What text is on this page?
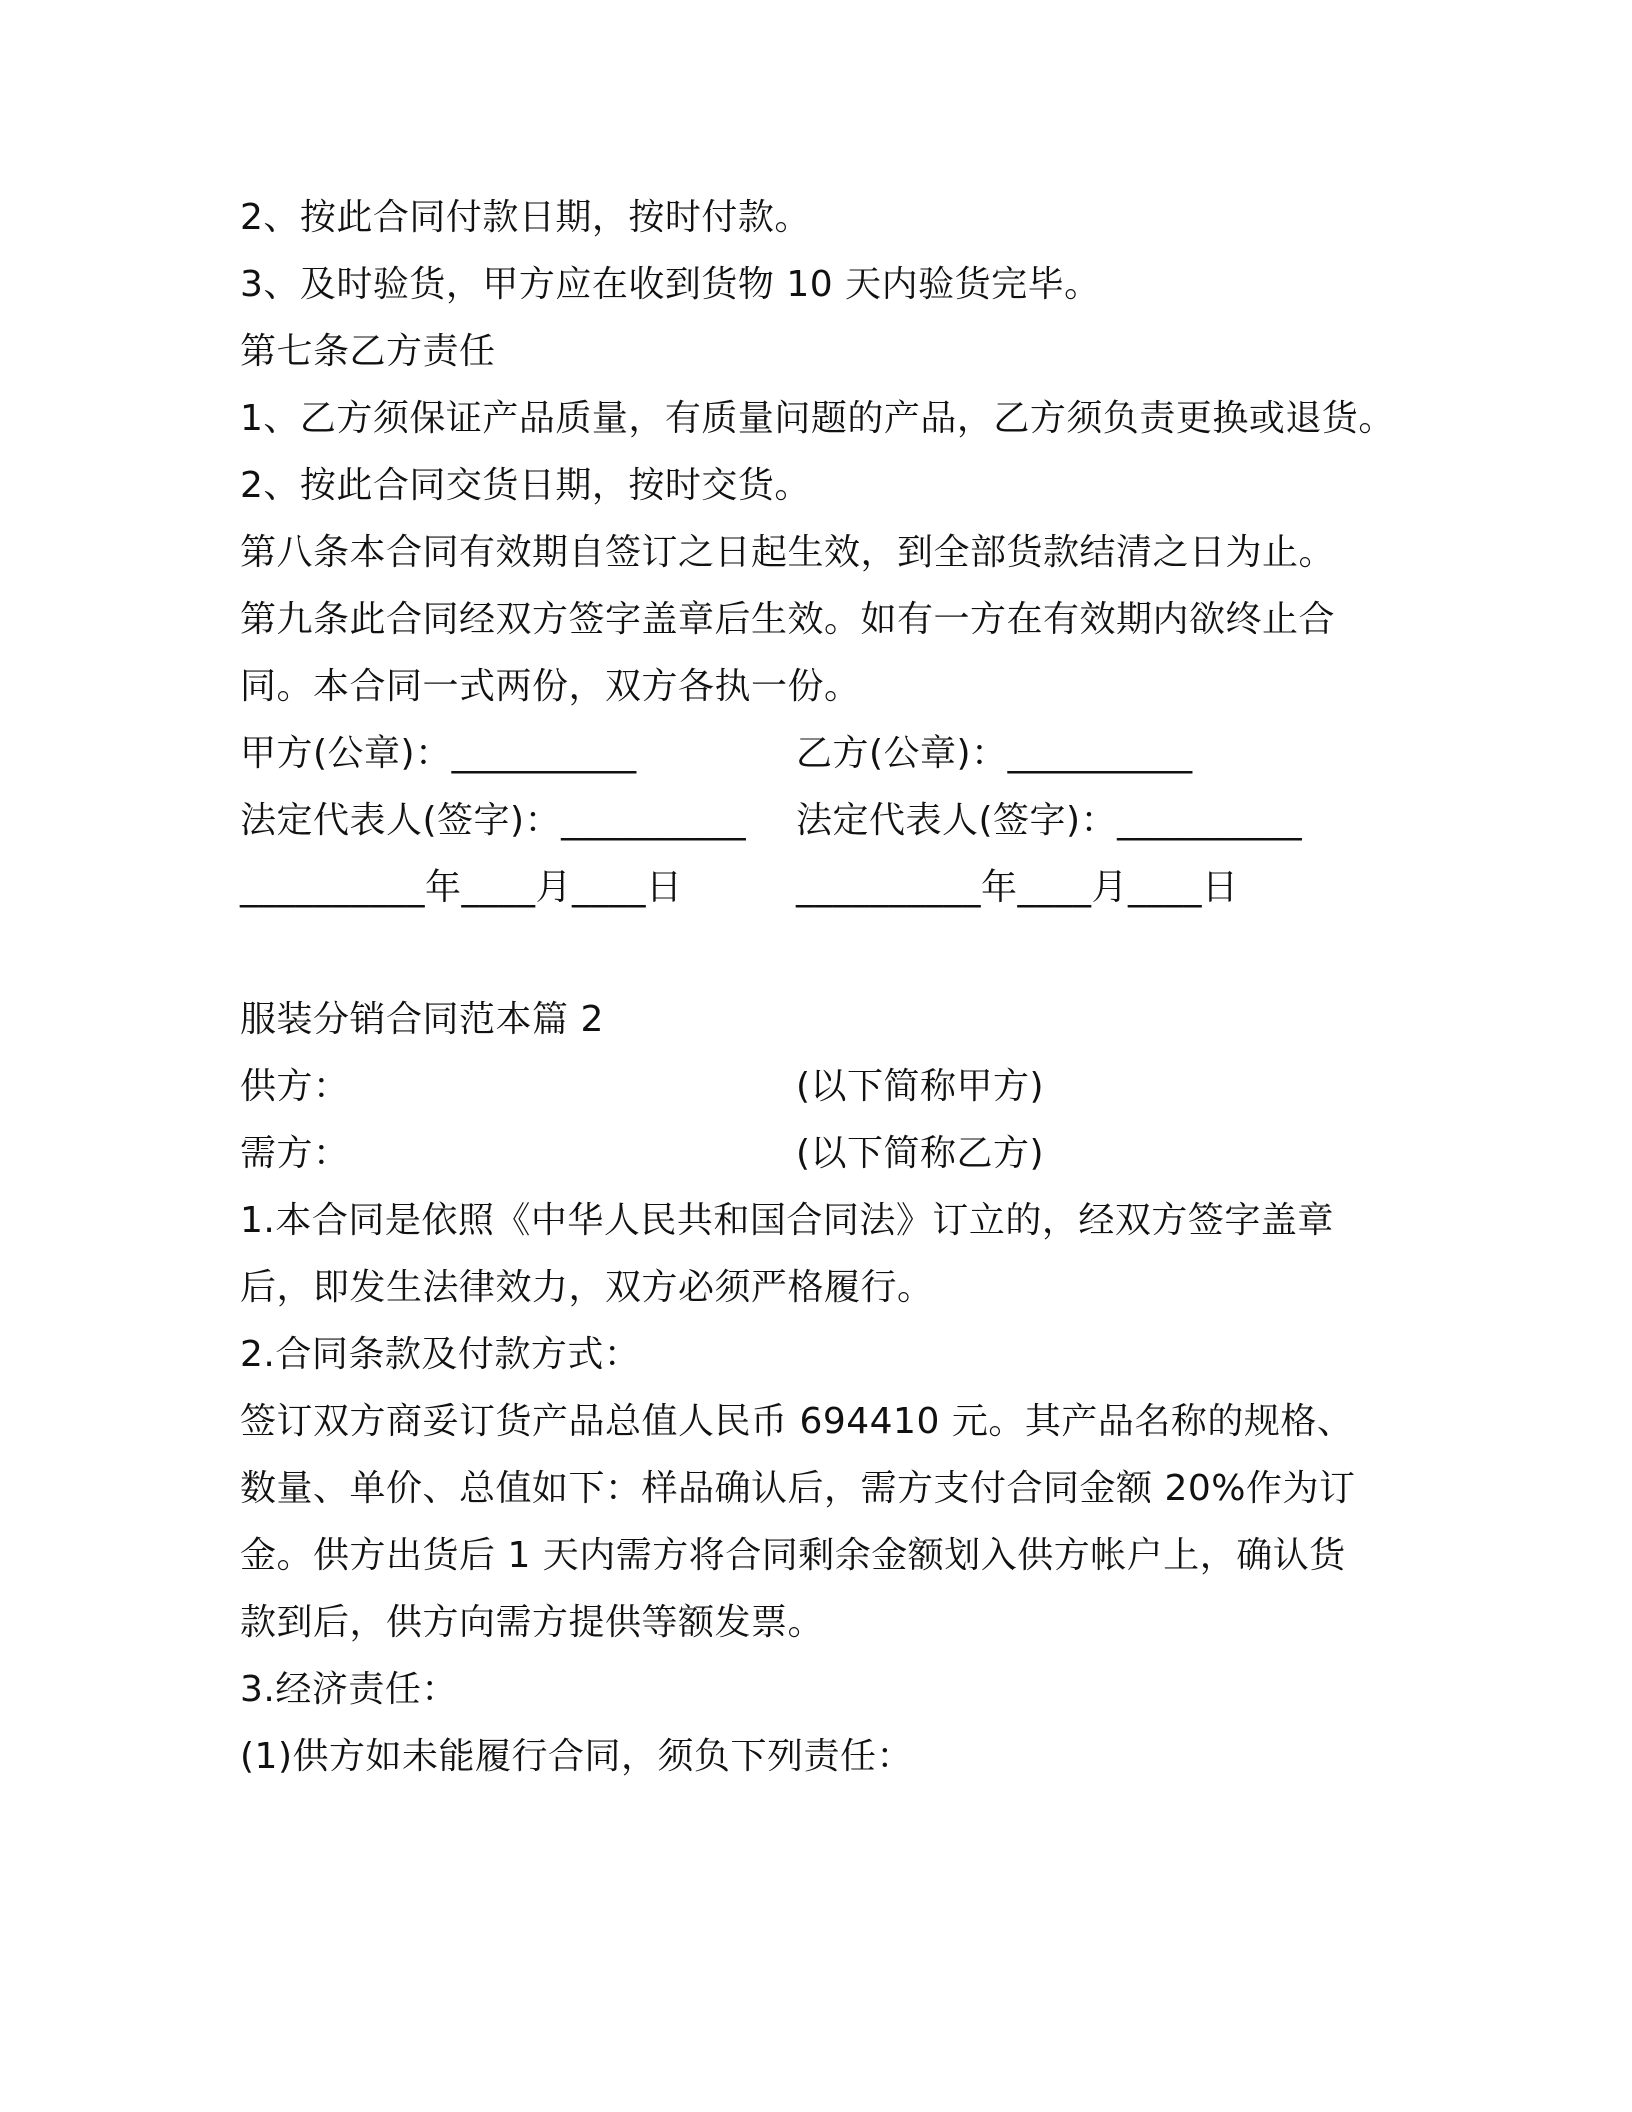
2、按此合同付款日期，按时付款。
3、及时验货，甲方应在收到货物 10 天内验货完毕。
第七条乙方责任
1、乙方须保证产品质量，有质量问题的产品，乙方须负责更换或退货。
2、按此合同交货日期，按时交货。
第八条本合同有效期自签订之日起生效，到全部货款结清之日为止。
第九条此合同经双方签字盖章后生效。如有一方在有效期内欲终止合
同。本合同一式两份，双方各执一份。
甲方(公章)：__________	乙方(公章)：__________
法定代表人(签字)：__________ 法定代表人(签字)：__________
__________年____月____日	__________年____月____日
服装分销合同范本篇 2
供方：	(以下简称甲方)
需方：	(以下简称乙方)
1.本合同是依照《中华人民共和国合同法》订立的，经双方签字盖章
后，即发生法律效力，双方必须严格履行。
2.合同条款及付款方式：
签订双方商妥订货产品总值人民币 694410 元。其产品名称的规格、
数量、单价、总值如下：样品确认后，需方支付合同金额 20%作为订
金。供方出货后 1 天内需方将合同剩余金额划入供方帐户上，确认货
款到后，供方向需方提供等额发票。
3.经济责任：
(1)供方如未能履行合同，须负下列责任：
